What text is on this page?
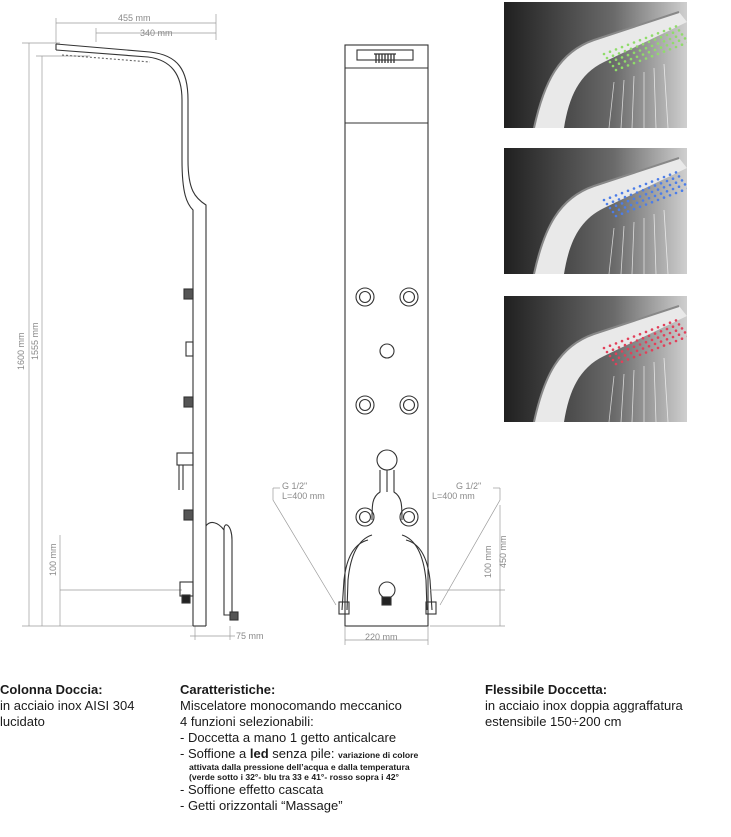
455 mm
340 mm
1600 mm 1555 mm
100 mm
75 mm	220 mm
G 1/2"
L=400 mm
G 1/2"
L=400 mm
100 mm 450 mm
Colonna Doccia:
in acciaio inox AISI 304
lucidato
Caratteristiche:
Miscelatore monocomando meccanico
4 funzioni selezionabili:
- Doccetta a mano 1 getto anticalcare
- Soffione a led senza pile: variazione di colore
attivata dalla pressione dell’acqua e dalla temperatura
(verde sotto i 32°- blu tra 33 e 41°- rosso sopra i 42°
- Soffione effetto cascata
- Getti orizzontali “Massage”
Flessibile Doccetta:
in acciaio inox doppia aggraffatura
estensibile 150÷200 cm
